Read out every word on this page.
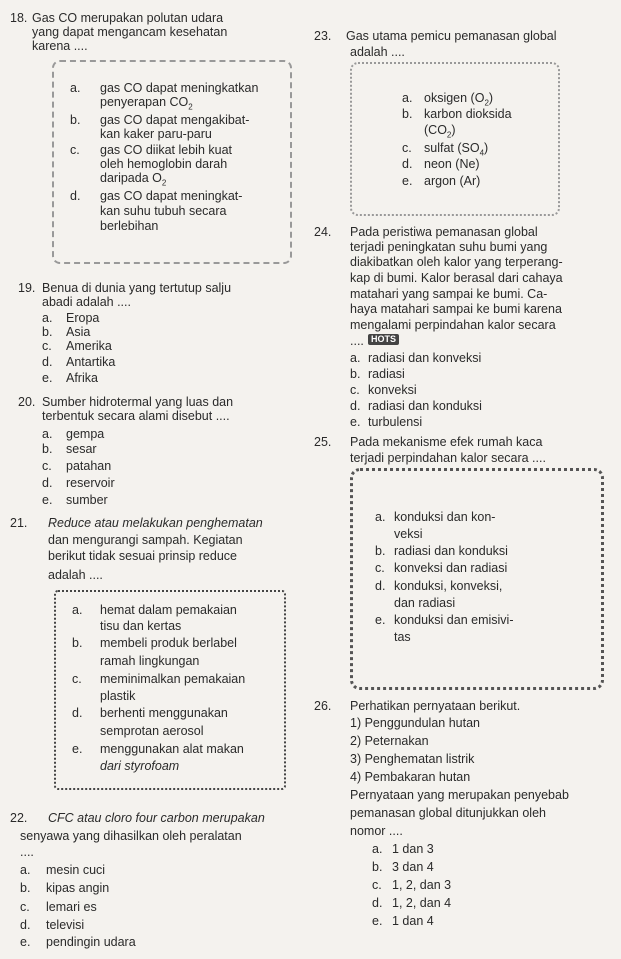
18. Gas CO merupakan polutan udara
yang dapat mengancam kesehatan
karena ....
a. gas CO dapat meningkatkan
penyerapan $CO_2$
b. gas CO dapat mengakibat-
kan kaker paru-paru
c. gas CO diikat lebih kuat
oleh hemoglobin darah
daripada $O_2$
d. gas CO dapat meningkat-
kan suhu tubuh secara
berlebihan
19. Benua di dunia yang tertutup salju
abadi adalah ....
a. Eropa
b. Asia
c. Amerika
d. Antartika
e. Afrika
20. Sumber hidrotermal yang luas dan
terbentuk secara alami disebut ....
a. gempa
b. sesar
c. patahan
d. reservoir
e. sumber
21. Reduce atau melakukan penghematan
dan mengurangi sampah. Kegiatan
berikut tidak sesuai prinsip reduce
adalah ....
a. hemat dalam pemakaian
tisu dan kertas
b. membeli produk berlabel
ramah lingkungan
c. meminimalkan pemakaian
plastik
d. berhenti menggunakan
semprotan aerosol
e. menggunakan alat makan
dari styrofoam
22. CFC atau cloro four carbon merupakan
senyawa yang dihasilkan oleh peralatan
....
a. mesin cuci
b. kipas angin
c. lemari es
d. televisi
e. pendingin udara
23. Gas utama pemicu pemanasan global
adalah ....
a. oksigen $(O_2)$
b. karbon dioksida
$(CO_2)$
c. sulfat $(SO_4)$
d. neon (Ne)
e. argon (Ar)
24. Pada peristiwa pemanasan global
terjadi peningkatan suhu bumi yang
diakibatkan oleh kalor yang terperang-
kap di bumi. Kalor berasal dari cahaya
matahari yang sampai ke bumi. Ca-
haya matahari sampai ke bumi karena
mengalami perpindahan kalor secara
.... HOTS
a. radiasi dan konveksi
b. radiasi
c. konveksi
d. radiasi dan konduksi
e. turbulensi
25. Pada mekanisme efek rumah kaca
terjadi perpindahan kalor secara ....
a. konduksi dan kon-
veksi
b. radiasi dan konduksi
c. konveksi dan radiasi
d. konduksi, konveksi,
dan radiasi
e. konduksi dan emisivi-
tas
26. Perhatikan pernyataan berikut.
1) Penggundulan hutan
2) Peternakan
3) Penghematan listrik
4) Pembakaran hutan
Pernyataan yang merupakan penyebab
pemanasan global ditunjukkan oleh
nomor ....
a. 1 dan 3
b. 3 dan 4
c. 1, 2, dan 3
d. 1, 2, dan 4
e. 1 dan 4
